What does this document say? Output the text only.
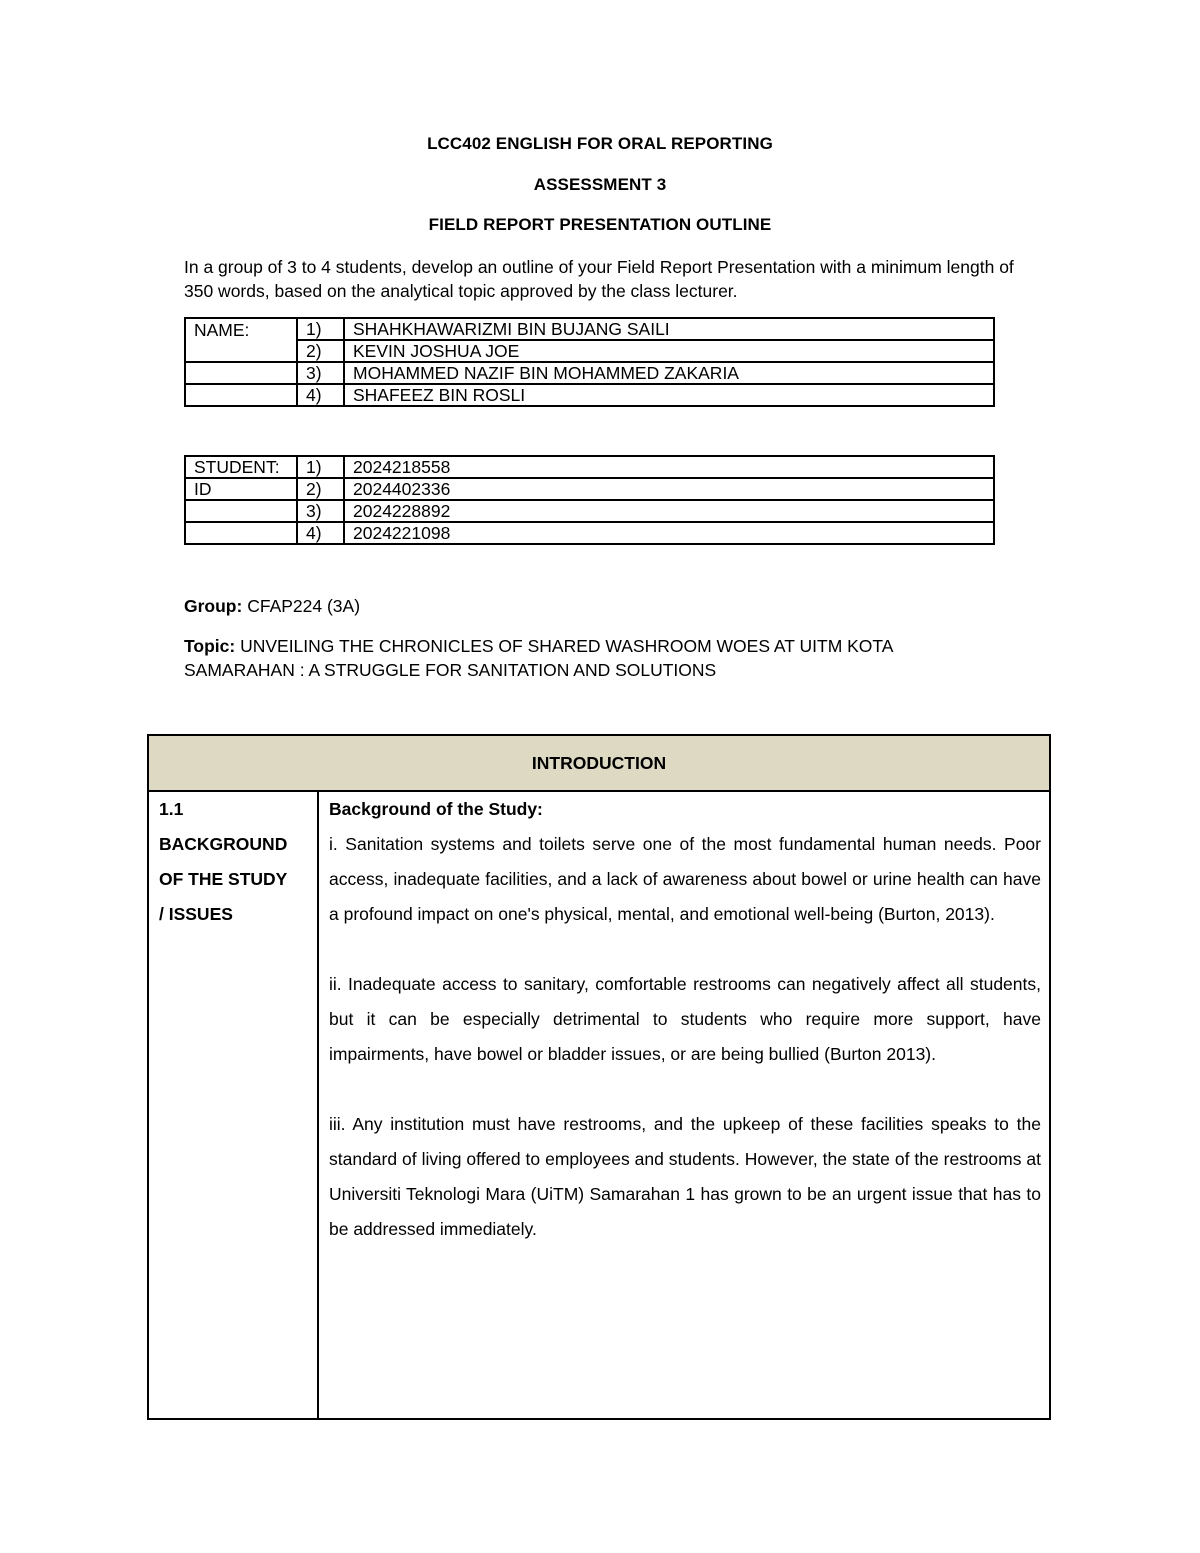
LCC402 ENGLISH FOR ORAL REPORTING
ASSESSMENT 3
FIELD REPORT PRESENTATION OUTLINE
In a group of 3 to 4 students, develop an outline of your Field Report Presentation with a minimum length of 350 words, based on the analytical topic approved by the class lecturer.
NAME:	1)	SHAHKHAWARIZMI BIN BUJANG SAILI
	2)	KEVIN JOSHUA JOE
	3)	MOHAMMED NAZIF BIN MOHAMMED ZAKARIA
	4)	SHAFEEZ BIN ROSLI
STUDENT:	1)	2024218558
ID	2)	2024402336
	3)	2024228892
	4)	2024221098
Group: CFAP224 (3A)
Topic: UNVEILING THE CHRONICLES OF SHARED WASHROOM WOES AT UITM KOTA
SAMARAHAN : A STRUGGLE FOR SANITATION AND SOLUTIONS
INTRODUCTION
1.1
BACKGROUND
OF THE STUDY
/ ISSUES
Background of the Study:

i. Sanitation systems and toilets serve one of the most fundamental human needs. Poor access, inadequate facilities, and a lack of awareness about bowel or urine health can have a profound impact on one's physical, mental, and emotional well-being (Burton, 2013).

ii. Inadequate access to sanitary, comfortable restrooms can negatively affect all students, but it can be especially detrimental to students who require more support, have impairments, have bowel or bladder issues, or are being bullied (Burton 2013).

iii. Any institution must have restrooms, and the upkeep of these facilities speaks to the standard of living offered to employees and students. However, the state of the restrooms at Universiti Teknologi Mara (UiTM) Samarahan 1 has grown to be an urgent issue that has to be addressed immediately.
